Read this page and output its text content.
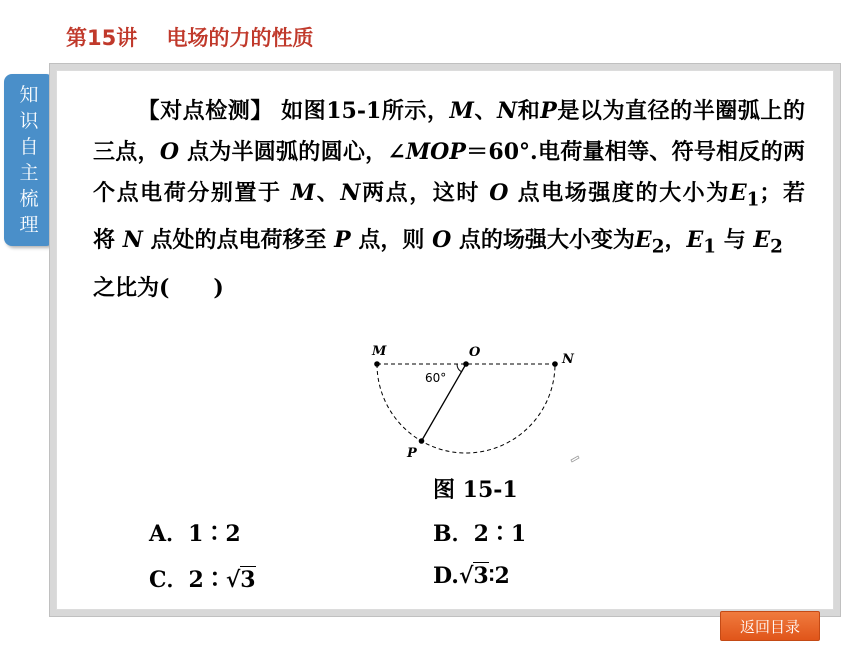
第15讲 电场的力的性质
知
识
自
主
梳
理
【对点检测】 如图15-1所示，M、N和P是以为直径的半圈弧上的三点，O 点为半圆弧的圆心，∠MOP＝60°.电荷量相等、符号相反的两个点电荷分别置于 M、N两点，这时 O 点电场强度的大小为$E_1$；若将 N 点处的点电荷移至 P 点，则 O 点的场强大小变为$E_2$，$E_1$ 与 $E_2$
之比为(　　)
M	O	N
P
60°
图 15-1
A．1∶2	B．2∶1
C．2∶√3	D.√3∶2
返回目录
